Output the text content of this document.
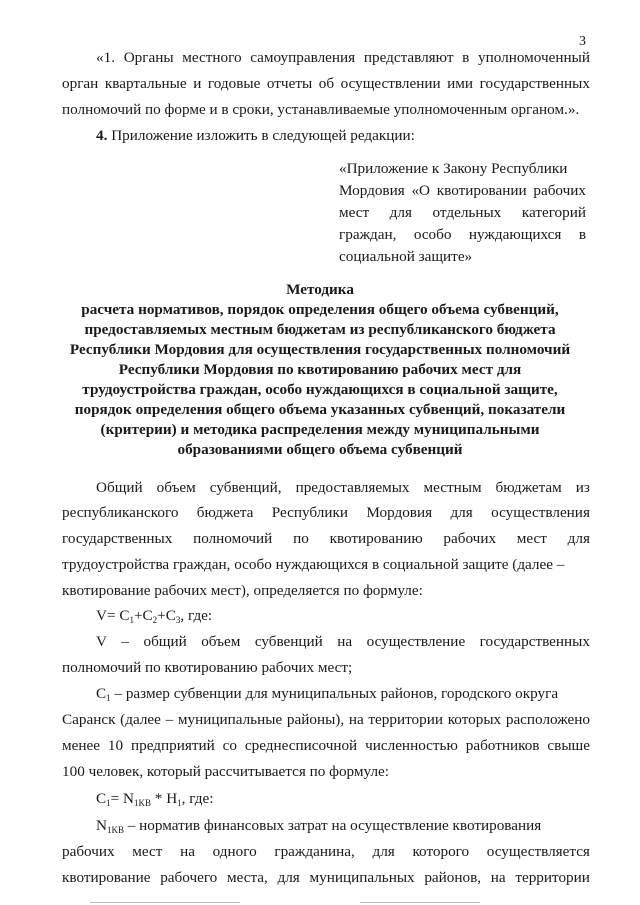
3
«1. Органы местного самоуправления представляют в уполномоченный
орган квартальные и годовые отчеты об осуществлении ими государственных
полномочий по форме и в сроки, устанавливаемые уполномоченным органом.».
4. Приложение изложить в следующей редакции:
«Приложение к Закону Республики
Мордовия «О квотировании рабочих
мест для отдельных категорий
граждан, особо нуждающихся в
социальной защите»
Методика
расчета нормативов, порядок определения общего объема субвенций,
предоставляемых местным бюджетам из республиканского бюджета
Республики Мордовия для осуществления государственных полномочий
Республики Мордовия по квотированию рабочих мест для
трудоустройства граждан, особо нуждающихся в социальной защите,
порядок определения общего объема указанных субвенций, показатели
(критерии) и методика распределения между муниципальными
образованиями общего объема субвенций
Общий объем субвенций, предоставляемых местным бюджетам из
республиканского бюджета Республики Мордовия для осуществления
государственных полномочий по квотированию рабочих мест для
трудоустройства граждан, особо нуждающихся в социальной защите (далее –
квотирование рабочих мест), определяется по формуле:
$V= C_1+C_2+C_3$, где:
V – общий объем субвенций на осуществление государственных
полномочий по квотированию рабочих мест;
$C_1$ – размер субвенции для муниципальных районов, городского округа
Саранск (далее – муниципальные районы), на территории которых расположено
менее 10 предприятий со среднесписочной численностью работников свыше
100 человек, который рассчитывается по формуле:
$C_1= N_{1KB} * H_1$, где:
$N_{1KB}$ – норматив финансовых затрат на осуществление квотирования
рабочих мест на одного гражданина, для которого осуществляется
квотирование рабочего места, для муниципальных районов, на территории
